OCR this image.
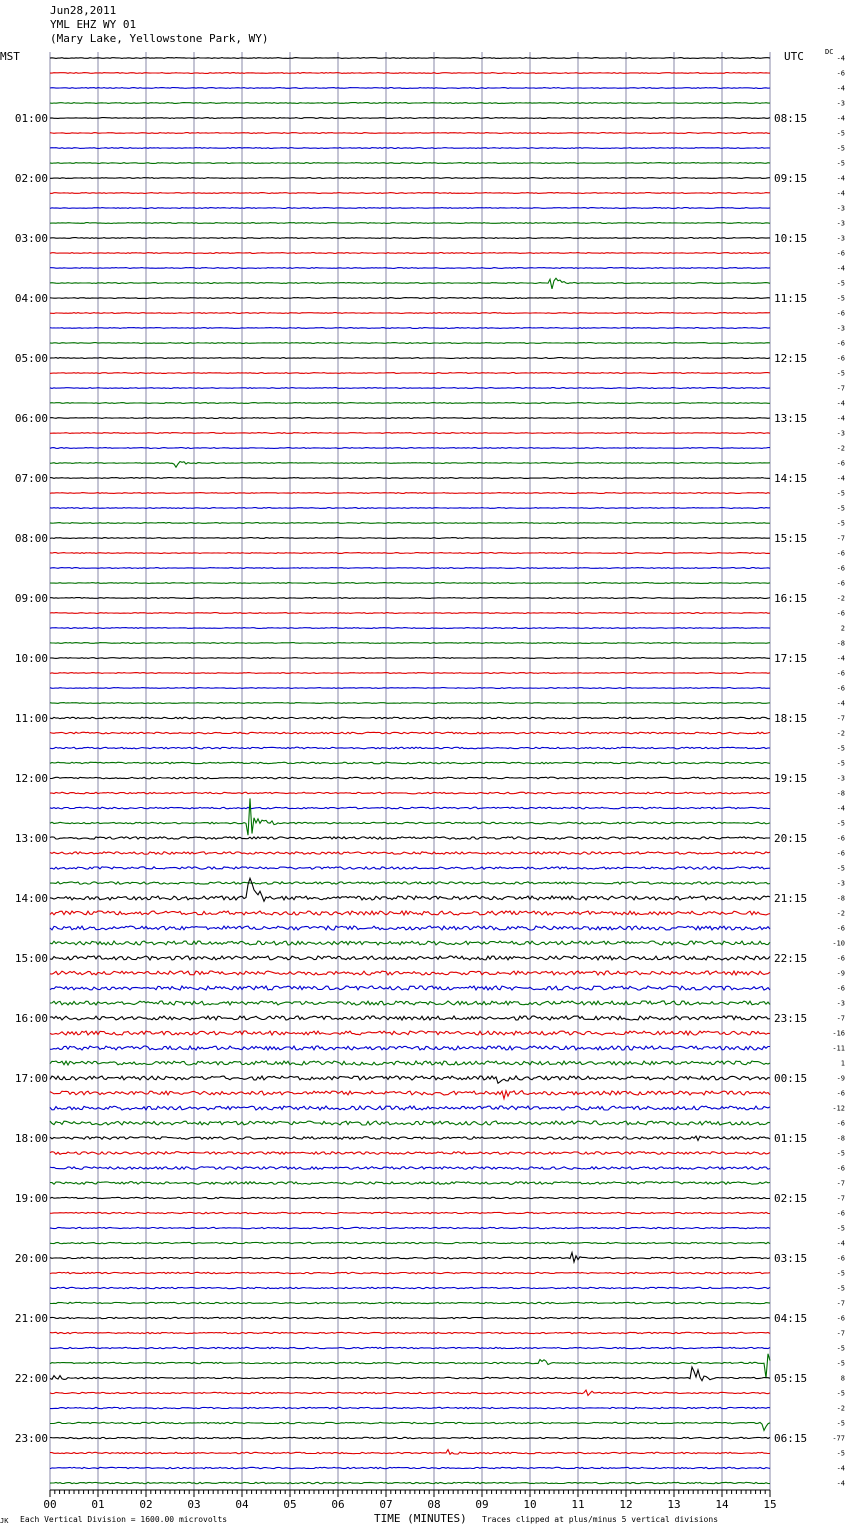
Jun28,2011
YML EHZ WY 01
(Mary Lake, Yellowstone Park, WY)
MST	UTC	DC
00	01	02	03	04	05	06	07	08	09	10	11	12	13	14	15
-4
-6
-4
-3
-4
-5
-5
-5
-4
-4
-3
-3
-3
-6
-4
-5
-5
-6
-3
-6
-6
-5
-7
-4
-4
-3
-2
-6
-4
-5
-5
-5
-7
-6
-6
-6
-2
-6
2
-8
-4
-6
-6
-4
-7
-2
-5
-5
-3
-8
-4
-5
-6
-6
-5
-3
-8
-2
-6
-10
-6
-9
-6
-3
-7
-16
-11
1
-9
-6
-12
-6
-8
-5
-6
-7
-7
-6
-5
-4
-6
-5
-5
-7
-6
-7
-5
-5
8
-5
-2
-5
-77
-5
-4
-4
01:00
02:00
03:00
04:00
05:00
06:00
07:00
08:00
09:00
10:00
11:00
12:00
13:00
14:00
15:00
16:00
17:00
18:00
19:00
20:00
21:00
22:00
23:00
08:15
09:15
10:15
11:15
12:15
13:15
14:15
15:15
16:15
17:15
18:15
19:15
20:15
21:15
22:15
23:15
00:15
01:15
02:15
03:15
04:15
05:15
06:15
JK Each Vertical Division = 1600.00 microvolts	TIME (MINUTES) Traces clipped at plus/minus 5 vertical divisions
